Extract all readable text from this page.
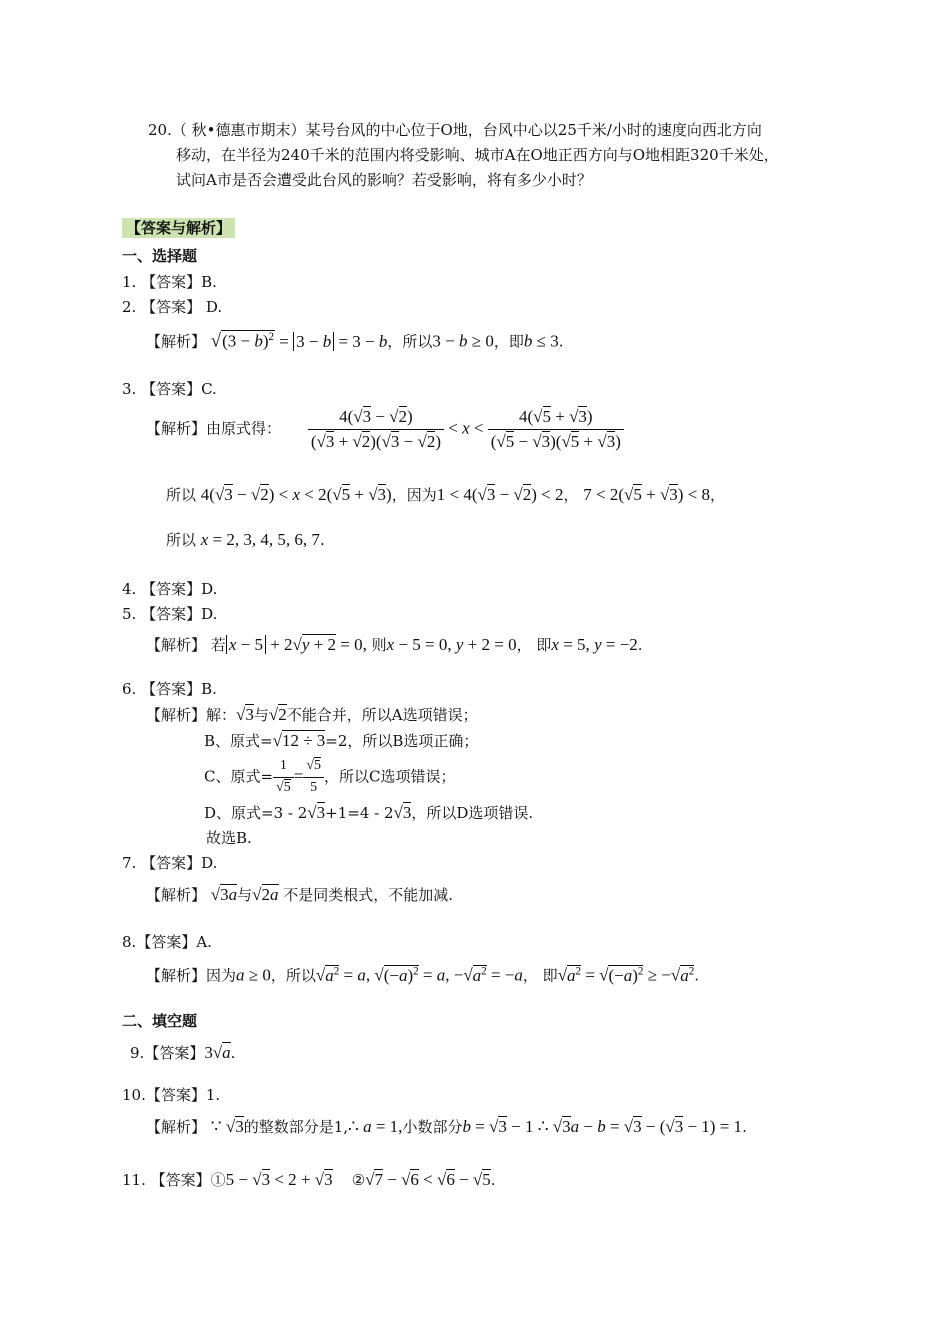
20.（ 秋•德惠市期末）某号台风的中心位于O地，台风中心以25千米/小时的速度向西北方向
移动，在半径为240千米的范围内将受影响、城市A在O地正西方向与O地相距320千米处，
试问A市是否会遭受此台风的影响？若受影响，将有多少小时？
【答案与解析】
一、选择题
1. 【答案】B.
2. 【答案】 D.
【解析】 $√(3 - b)^2 = 3 - b = 3 - b$，所以3 − b ≥ 0，即b ≤ 3.
3. 【答案】C.
【解析】由原式得： $\frac{4(√3 - √2)}{(√3 + √2)(√3 - √2)} < x < \frac{4(√5 + √3)}{(√5 - √3)(√5 + √3)}$
所以 4(√3 − √2) < x < 2(√5 + √3)，因为1 < 4(√3 − √2) < 2， 7 < 2(√5 + √3) < 8，
所以 x = 2, 3, 4, 5, 6, 7.
4. 【答案】D.
5. 【答案】D.
【解析】 若 x − 5 + 2√y + 2 = 0, 则x − 5 = 0, y + 2 = 0， 即x = 5, y = −2.
6. 【答案】B.
【解析】解：√3与√2不能合并，所以A选项错误；
B、原式=√12 ÷ 3=2，所以B选项正确；
C、原式= $\frac{1}{√5} = \frac{√5}{5}$ ，所以C选项错误；
D、原式=3 - 2√3+1=4 - 2√3，所以D选项错误.
故选B.
7. 【答案】D.
【解析】 √3a与√2a 不是同类根式，不能加减.
8.【答案】A.
【解析】因为a ≥ 0，所以$√a^2 = a$, $√(-a)^2 = a$, $-√a^2 = -a$， 即$√a^2 = √(-a)^2 \ge -√a^2$.
二、填空题
9.【答案】3√a.
10.【答案】1.
【解析】 ∵ √3的整数部分是1,∴ a = 1,小数部分b = √3 − 1 ∴ √3a − b = √3 − (√3 − 1) = 1.
11. 【答案】①5 − √3 < 2 + √3 ②√7 − √6 < √6 − √5.
